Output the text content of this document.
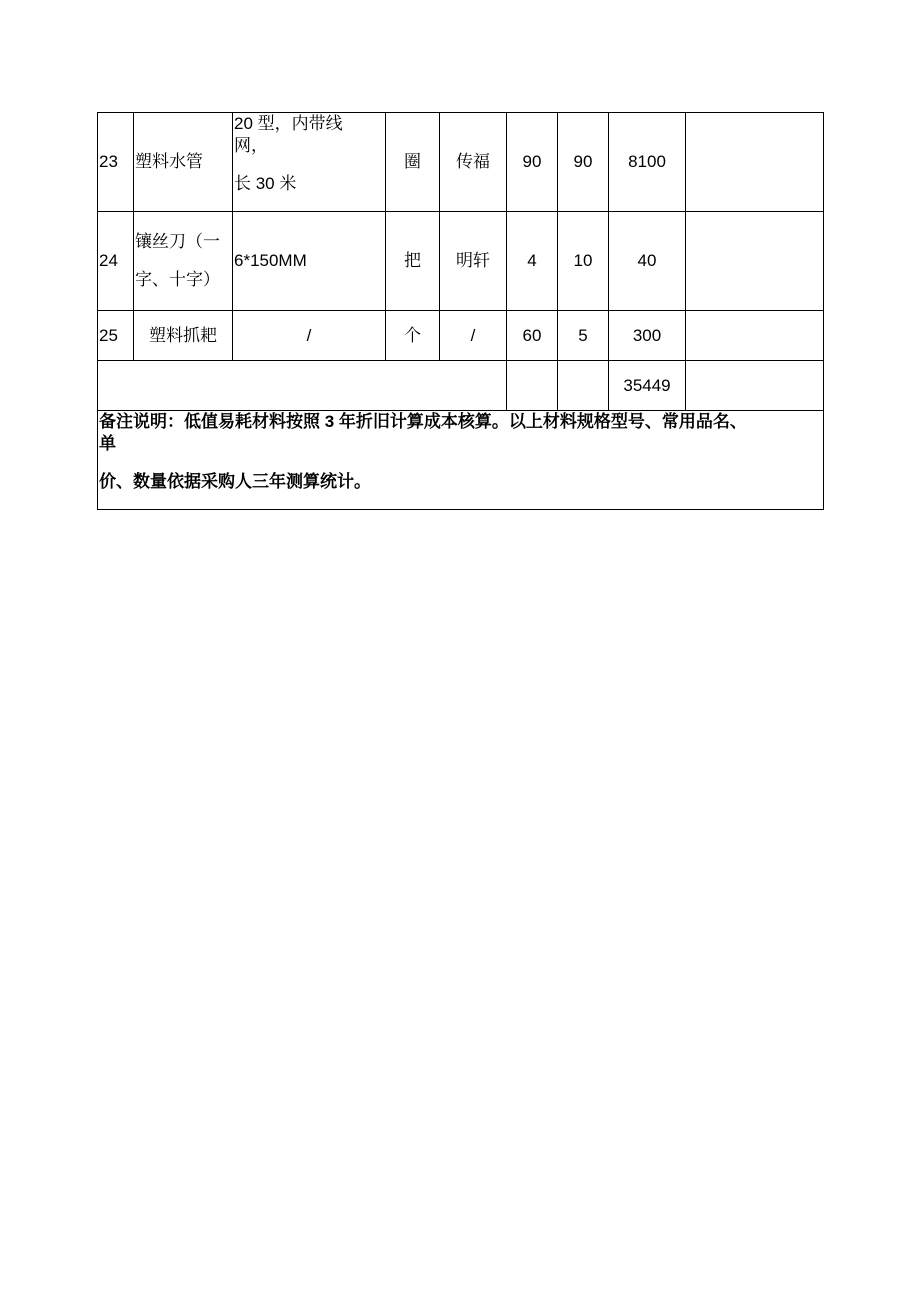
23	塑料水管	20 型，内带线
网，
长 30 米	圈	传福	90	90	8100	
24	镶丝刀（一
字、十字）	6*150MM	把	明轩	4	10	40	
25	塑料抓耙	/	个	/	60	5	300	
							35449	

备注说明：低值易耗材料按照 3 年折旧计算成本核算。以上材料规格型号、常用品名、
单
价、数量依据采购人三年测算统计。								
